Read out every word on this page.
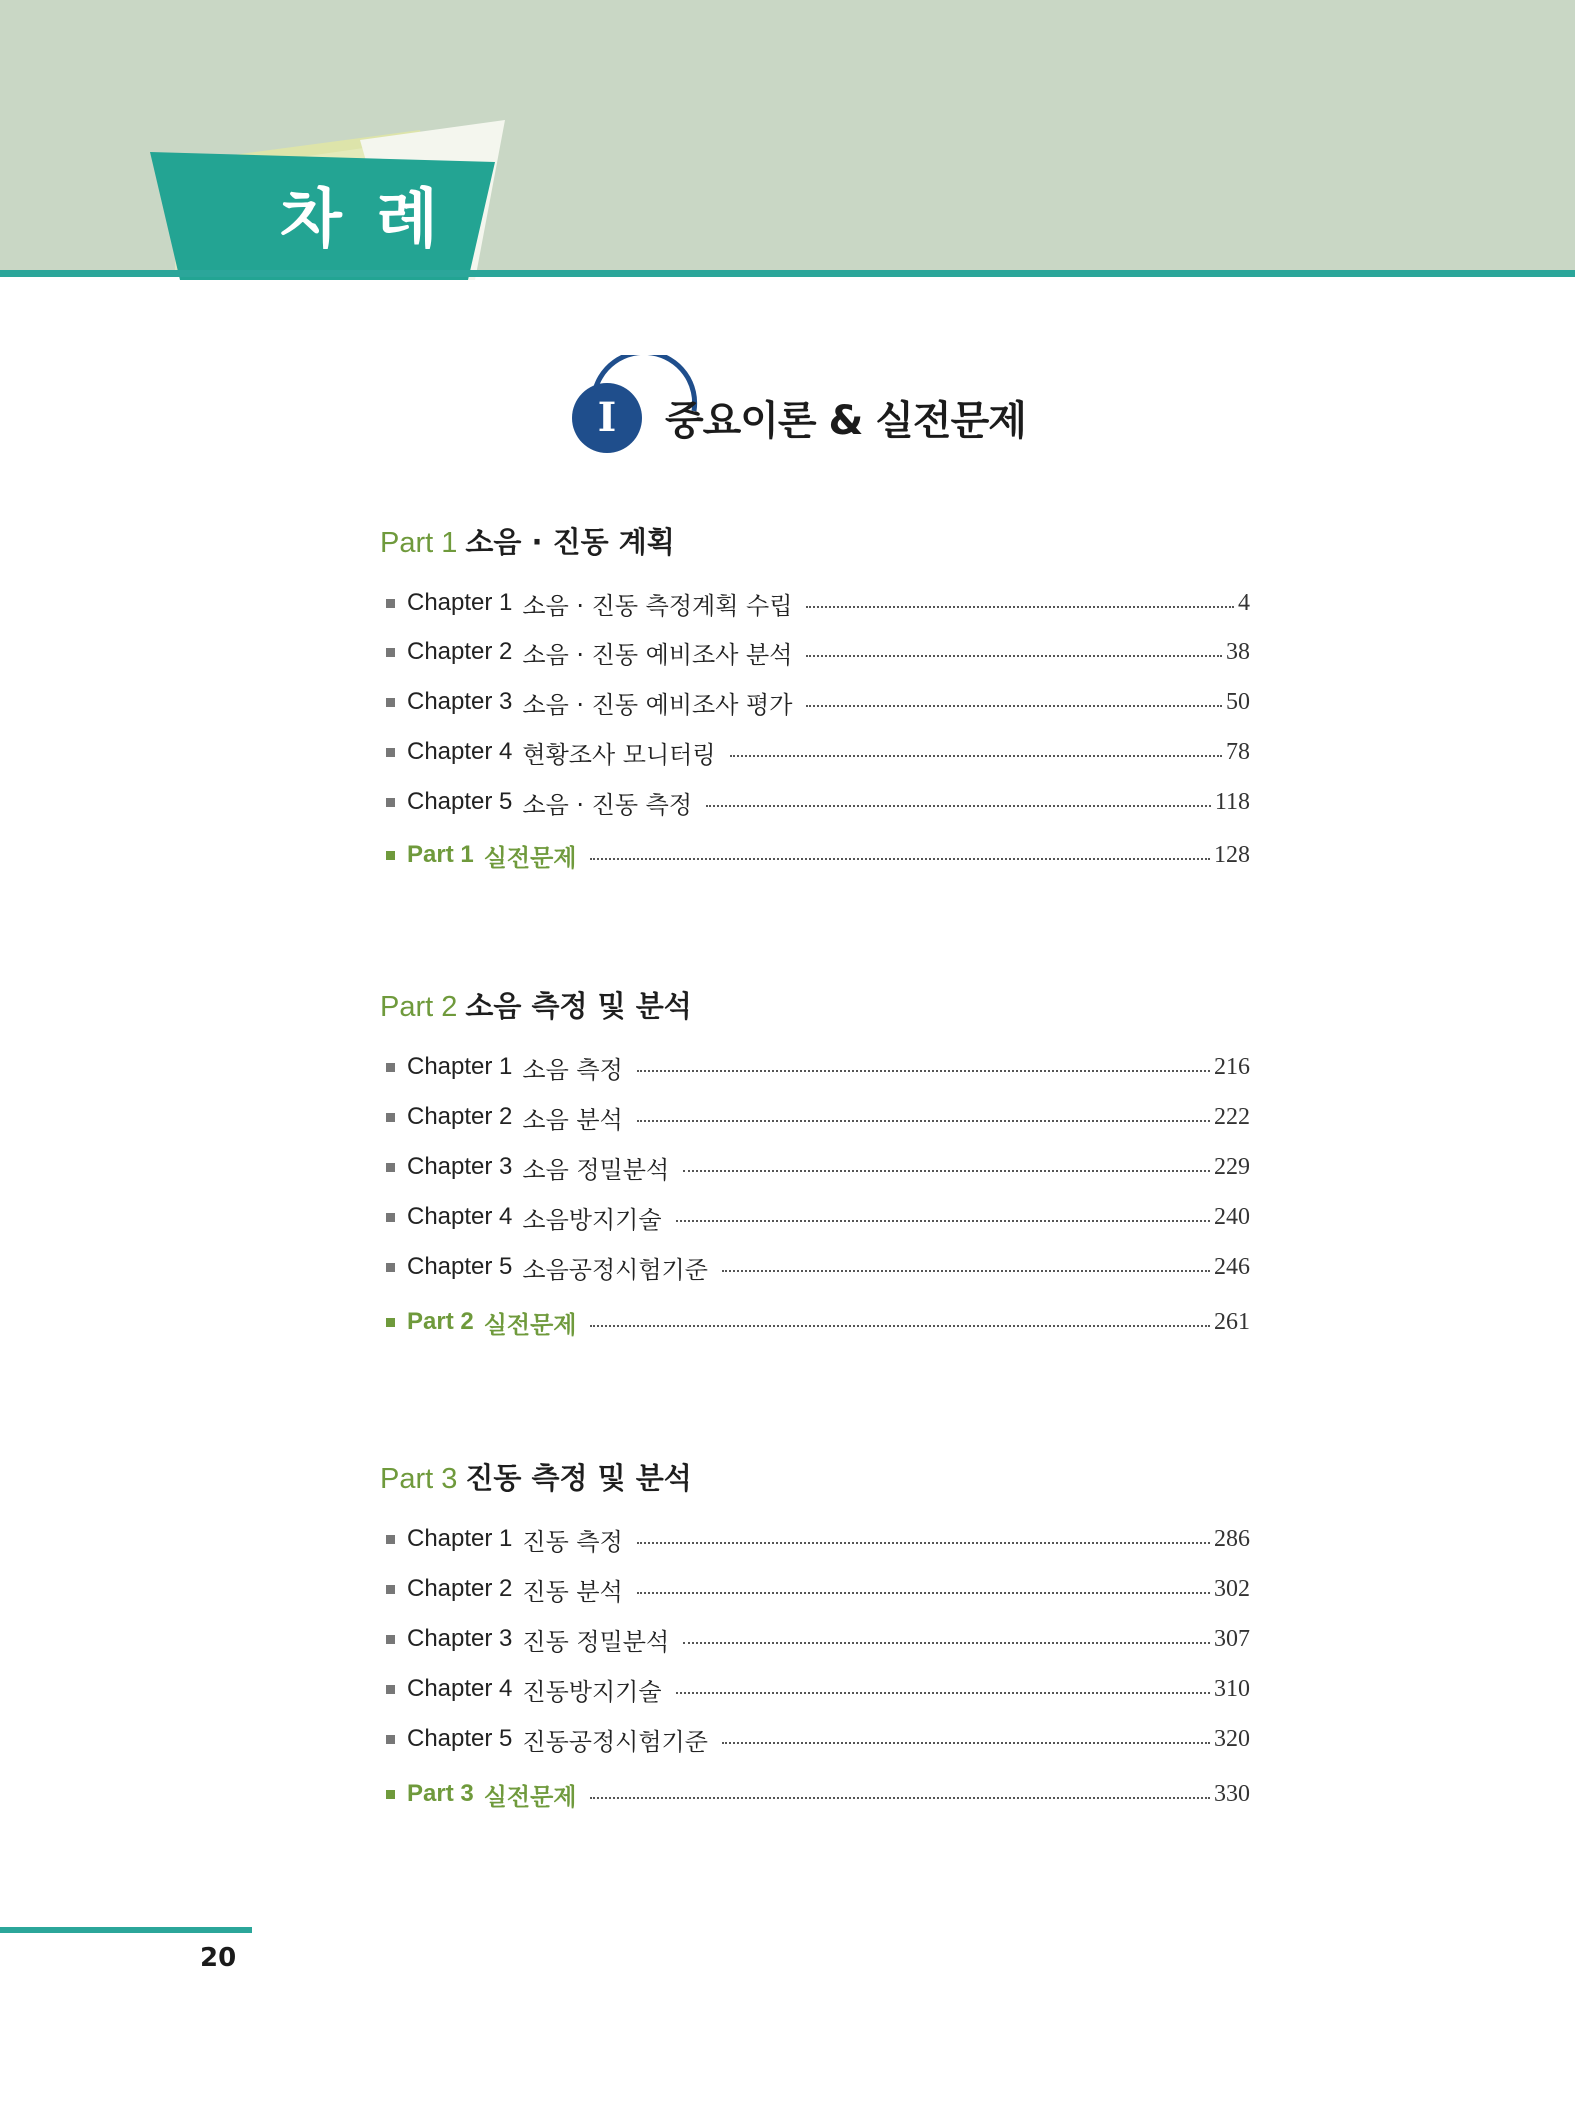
차 례
I	중요이론 & 실전문제
Part 1 소음 · 진동 계획
Chapter 1 소음 · 진동 측정계획 수립	4
Chapter 2 소음 · 진동 예비조사 분석	38
Chapter 3 소음 · 진동 예비조사 평가	50
Chapter 4 현황조사 모니터링	78
Chapter 5 소음 · 진동 측정	118
Part 1 실전문제	128
Part 2 소음 측정 및 분석
Chapter 1 소음 측정	216
Chapter 2 소음 분석	222
Chapter 3 소음 정밀분석	229
Chapter 4 소음방지기술	240
Chapter 5 소음공정시험기준	246
Part 2 실전문제	261
Part 3 진동 측정 및 분석
Chapter 1 진동 측정	286
Chapter 2 진동 분석	302
Chapter 3 진동 정밀분석	307
Chapter 4 진동방지기술	310
Chapter 5 진동공정시험기준	320
Part 3 실전문제	330
20
